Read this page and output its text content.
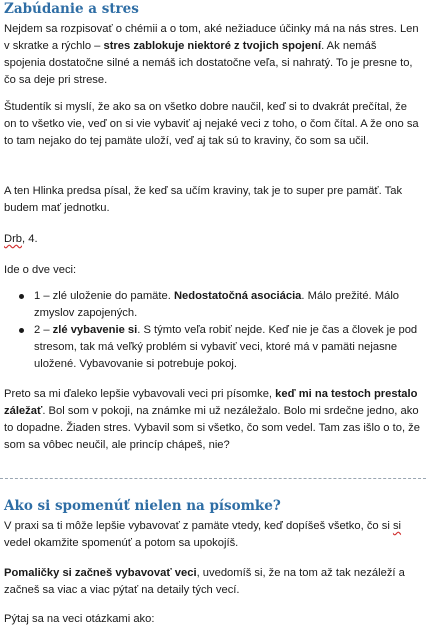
Zabúdanie a stres

Nejdem sa rozpisovať o chémii a o tom, aké nežiaduce účinky má na nás stres. Len v skratke a rýchlo – stres zablokuje niektoré z tvojich spojení. Ak nemáš spojenia dostatočne silné a nemáš ich dostatočne veľa, si nahratý. To je presne to, čo sa deje pri strese.

Študentík si myslí, že ako sa on všetko dobre naučil, keď si to dvakrát prečítal, že on to všetko vie, veď on si vie vybaviť aj nejaké veci z toho, o čom čítal. A že ono sa to tam nejako do tej pamäte uloží, veď aj tak sú to kraviny, čo som sa učil.

A ten Hlinka predsa písal, že keď sa učím kraviny, tak je to super pre pamäť. Tak budem mať jednotku.

Drb, 4.

Ide o dve veci:

1 – zlé uloženie do pamäte. Nedostatočná asociácia. Málo prežité. Málo zmyslov zapojených.
2 – zlé vybavenie si. S týmto veľa robiť nejde. Keď nie je čas a človek je pod stresom, tak má veľký problém si vybaviť veci, ktoré má v pamäti nejasne uložené. Vybavovanie si potrebuje pokoj.

Preto sa mi ďaleko lepšie vybavovali veci pri písomke, keď mi na testoch prestalo záležať. Bol som v pokoji, na známke mi už nezáležalo. Bolo mi srdečne jedno, ako to dopadne. Žiaden stres. Vybavil som si všetko, čo som vedel. Tam zas išlo o to, že som sa vôbec neučil, ale princíp chápeš, nie?

Ako si spomenúť nielen na písomke?

V praxi sa ti môže lepšie vybavovať z pamäte vtedy, keď dopíšeš všetko, čo si si vedel okamžite spomenúť a potom sa upokojíš.

Pomaličky si začneš vybavovať veci, uvedomíš si, že na tom až tak nezáleží a začneš sa viac a viac pýtať na detaily tých vecí.

Pýtaj sa na veci otázkami ako:
